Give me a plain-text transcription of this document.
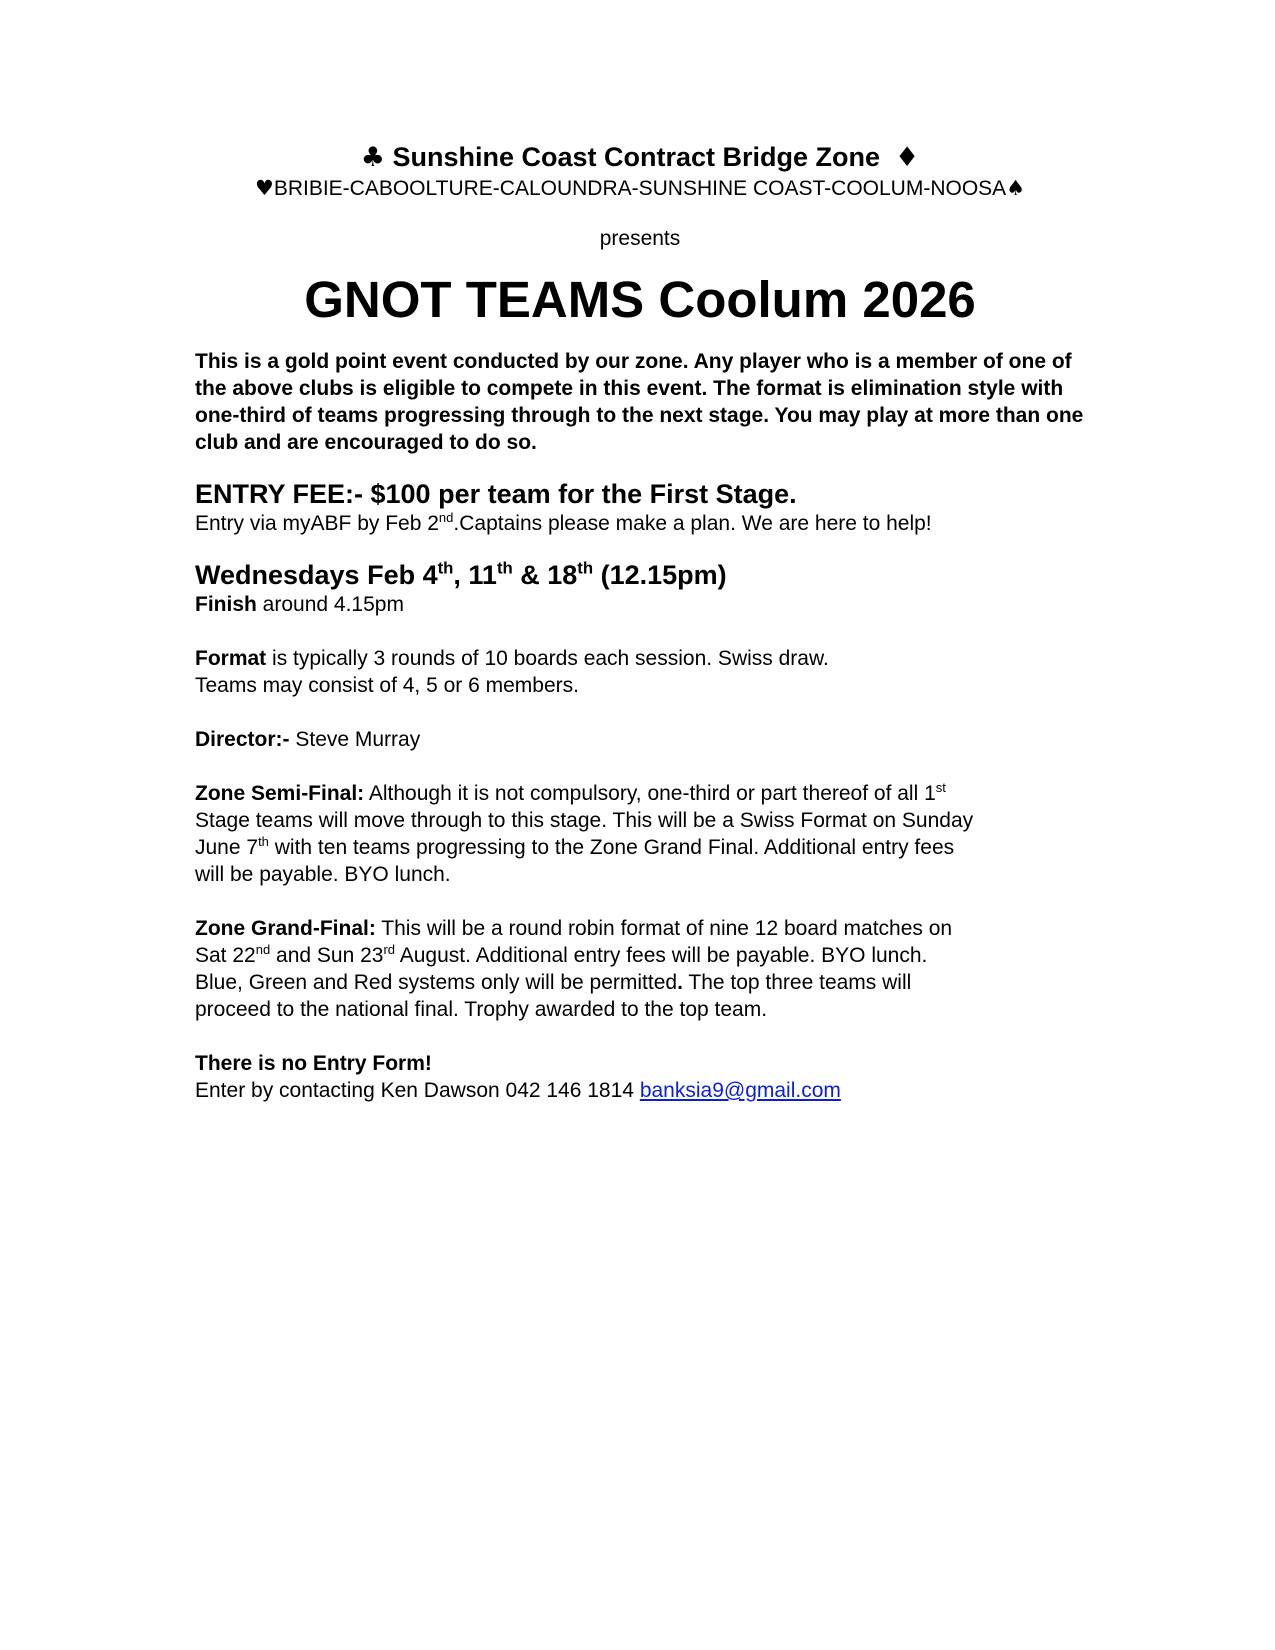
♣ Sunshine Coast Contract Bridge Zone ♦

♥BRIBIE-CABOOLTURE-CALOUNDRA-SUNSHINE COAST-COOLUM-NOOSA♠

presents

GNOT TEAMS Coolum 2026

This is a gold point event conducted by our zone. Any player who is a member of one of the above clubs is eligible to compete in this event. The format is elimination style with one-third of teams progressing through to the next stage. You may play at more than one club and are encouraged to do so.

ENTRY FEE:- $100 per team for the First Stage.

Entry via myABF by Feb 2nd.Captains please make a plan. We are here to help!

Wednesdays Feb 4th, 11th & 18th (12.15pm)

Finish around 4.15pm

Format is typically 3 rounds of 10 boards each session. Swiss draw.

Teams may consist of 4, 5 or 6 members.

Director:- Steve Murray

Zone Semi-Final: Although it is not compulsory, one-third or part thereof of all 1st

Stage teams will move through to this stage. This will be a Swiss Format on Sunday

June 7th with ten teams progressing to the Zone Grand Final. Additional entry fees

will be payable. BYO lunch.

Zone Grand-Final: This will be a round robin format of nine 12 board matches on

Sat 22nd and Sun 23rd August. Additional entry fees will be payable. BYO lunch.

Blue, Green and Red systems only will be permitted. The top three teams will

proceed to the national final. Trophy awarded to the top team.

There is no Entry Form!

Enter by contacting Ken Dawson 042 146 1814 banksia9@gmail.com
